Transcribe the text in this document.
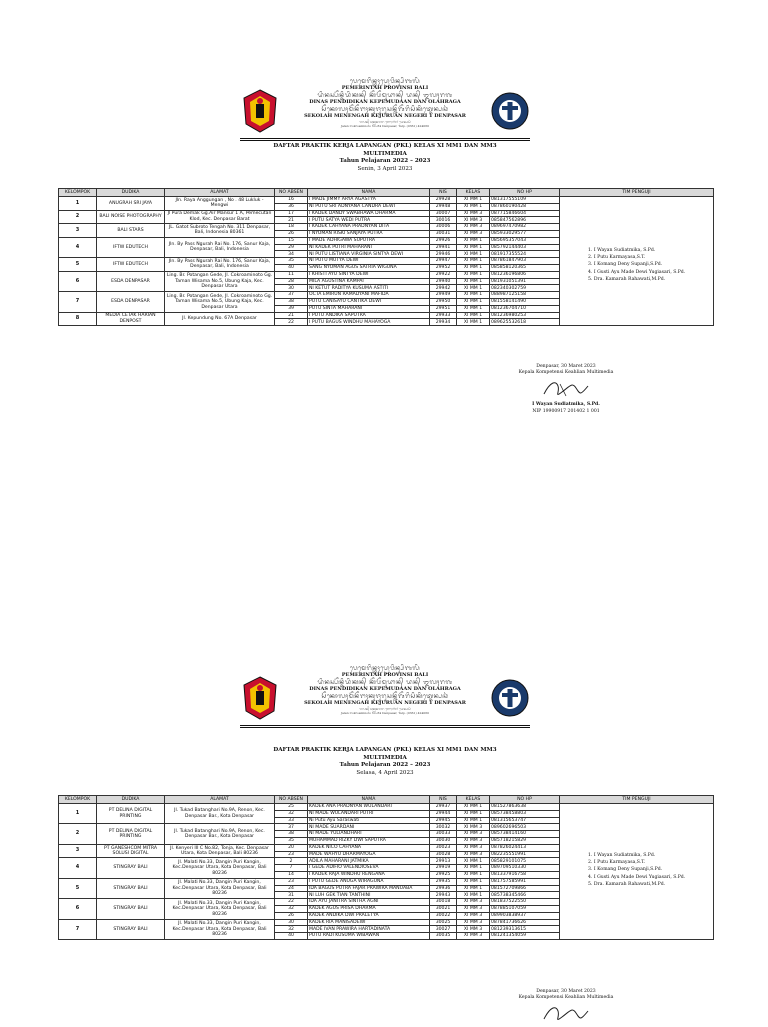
ᬧᬾᬫᬾᬭᬶᬦ᭄ᬢᬄᬧ᭄ᬭᭀᬯᬶᬦ᭄ᬲᬶᬩᬮᬶ
PEMERINTAH PROVINSI BALI
ᬤᬶᬦᬲ᭄ᬧᭂᬦ᭄ᬤᬶᬤᬶᬓᬦ᭄ ᬓᭂᬧᭂᬫᬸᬤᬵᬦ᭄ ᬤᬦ᭄ ᬑᬮᬄᬭᬕ
DINAS PENDIDIKAN KEPEMUDAAN DAN OLAHRAGA
ᬲᭂᬓᭀᬮᬄᬫᭂᬦᭂᬗᬄᬓᬸᬚᬸᬭᬸᬲᬦ᭄ᬦᭂᬕᭂᬭᬶᬲᬶᬓᬶᬢ᭄ᬤᬾᬦ᭄ᬧᬲᬃ
SEKOLAH MENENGAH KEJURUAN NEGERI 1 DENPASAR
ᬚᬮᬦ᭄ ᬘᬓ᭄ᬭᬦᬕᬭ ᬦᭀ᭞᭑᭗ ᬤᬾᬦ᭄ᬧᬲᬃ
Jalan Cokroaminoto No.84 Denpasar, Telp. (0361) 424060
DAFTAR PRAKTIK KERJA LAPANGAN (PKL) KELAS XI MM1 DAN MM3
MULTIMEDIA
Tahun Pelajaran 2022 – 2023
Senin, 3 April 2023
KELOMPOK	DUDIKA	ALAMAT	NO ABSEN	NAMA	NIS	KELAS	NO HP	TIM PENGUJI
1	ANUGRAH SRI JAYA	Jln. Raya Anggungan , No . 48 Lukluk - Mengwi	16	I MADE JIMMY ARYA AGASTYA	29928	XI MM 1	081317555109	
			36	NI PUTU SRI ADNYANA CANDRA DEWI	29948	XI MM 1	087860190428	
2	BALI NOISE PHOTOGRAPHY	Jl Pura Demak Gg.Air Mansur 1 A, Pemecutan Klod, Kec. Denpasar Barat	17	I KADEK DANDY SWABHAWA DHARMA	30007	XI MM 3	087715846604	
			21	I PUTU SATYA WEDI PUTRA	30016	XI MM 3	085847562896	
3	BALI STARS	JL. Gatot Subroto Tengah No. 311 Denpasar, Bali, Indonesia 80361	18	I KADEK CAHYANA PRADNYAN DITA	30006	XI MM 3	089697470982	
			26	I NYOMAN RISKI SANJAYA PUTRA	30031	XI MM 3	085933029577	
4	IFTW EDUTECH	Jln. By Pass Ngurah Rai No. 176, Sanur Kaja, Denpasar, Bali, Indonesia	15	I MADE ADHIGAWA SUPUTRA	29926	XI MM 1	085695357043	
			29	NI KADEK PUTRI MAHARANI	29941	XI MM 1	085792144403	
			34	NI PUTU LISTIANA VIRGINIA SINTYA DEWI	29946	XI MM 1	081917355524	
5	IFTW EDUTECH	Jln. By Pass Ngurah Rai No. 176, Sanur Kaja, Denpasar, Bali, Indonesia	35	NI PUTU MUTYA DEWI	29947	XI MM 1	087861847903	
			40	SANG NYOMAN AGUS SATRIA WIGUNA	29952	XI MM 1	085858120365	
6	ESDA DENPASAR	Ling. Br. Potangan Gede, Jl. Cokroaminoto Gg. Taman Wisama No.5, Ubung Kaja, Kec. Denpasar Utara	11	I KHISTI AYU SINTYA DEWI	29922	XI MM 1	081236196806	
			28	MILA AGUSTINA KAMPAI	29940	XI MM 1	081931051391	
			30	NI KETUT RADITYA KUSUMA ASTITI	29942	XI MM 1	082340302759	
7	ESDA DENPASAR	Ling. Br. Potangan Gede, Jl. Cokroaminoto Gg. Taman Wisama No.5, Ubung Kaja, Kec. Denpasar Utara	37	OCTA EMIRUN RAMADYANI MAFIDA	29949	XI MM 1	088987125158	
			38	PUTU CANISAYU CANTIKA DEWI	29950	XI MM 1	081558141490	
			39	PUTU SINTA MAHARANI	29951	XI MM 1	081236704710	
8	MEDIA CETAK HARIAN DENPOST	Jl. Kepundung No. 67A Denpasar	21	I PUTU ANDIKA SAPUTRA	29933	XI MM 1	081236980253	
			22	I PUTU BAGUS WINDHU MAHAYOGA	29934	XI MM 1	089625532618	
1. I Wayan Sudiatmika, S.Pd.
2. I Putu Karmayasa,S.T.
3. I Komang Deny Supanji,S.Pd.
4. I Gusti Ayu Made Dewi Yugiasari, S.Pd.
5. Dra. Kamarah Rahawati,M.Pd.
Denpasar, 30 Maret 2023
Kepala Kompetensi Keahlian Multimedia
I Wayan Sudiatmika, S.Pd.
NIP 19900917 201402 1 001
ᬧᬾᬫᬾᬭᬶᬦ᭄ᬢᬄᬧ᭄ᬭᭀᬯᬶᬦ᭄ᬲᬶᬩᬮᬶ
PEMERINTAH PROVINSI BALI
ᬤᬶᬦᬲ᭄ᬧᭂᬦ᭄ᬤᬶᬤᬶᬓᬦ᭄ ᬓᭂᬧᭂᬫᬸᬤᬵᬦ᭄ ᬤᬦ᭄ ᬑᬮᬄᬭᬕ
DINAS PENDIDIKAN KEPEMUDAAN DAN OLAHRAGA
ᬲᭂᬓᭀᬮᬄᬫᭂᬦᭂᬗᬄᬓᬸᬚᬸᬭᬸᬲᬦ᭄ᬦᭂᬕᭂᬭᬶᬲᬶᬓᬶᬢ᭄ᬤᬾᬦ᭄ᬧᬲᬃ
SEKOLAH MENENGAH KEJURUAN NEGERI 1 DENPASAR
ᬚᬮᬦ᭄ ᬘᬓ᭄ᬭᬦᬕᬭ ᬦᭀ᭞᭑᭗ ᬤᬾᬦ᭄ᬧᬲᬃ
Jalan Cokroaminoto No.84 Denpasar, Telp. (0361) 424060
DAFTAR PRAKTIK KERJA LAPANGAN (PKL) KELAS XI MM1 DAN MM3
MULTIMEDIA
Tahun Pelajaran 2022 – 2023
Selasa, 4 April 2023
KELOMPOK	DUDIKA	ALAMAT	NO ABSEN	NAMA	NIS	KELAS	NO HP	TIM PENGUJI
1	PT DELINA DIGITAL PRINTING	Jl. Tukad Batanghari No.9A, Renon, Kec. Denpasar Bar., Kota Denpasar	25	KADEK ANA PRADNYAN WULANDARI	29937	XI MM 1	081527863638	
			32	NI MADE WULANDARI PUTRI	29944	XI MM 1	085738458803	
			33	Ni Putu Ayu Saraswati	29945	XI MM 1	081315653747	
2	PT DELINA DIGITAL PRINTING	Jl. Tukad Batanghari No.9A, Renon, Kec. Denpasar Bar., Kota Denpasar	37	NI MADE SUARDANI	30032	XI MM 3	089602696503	
			38	NI MADE YULIANDHARI	30033	XI MM 3	085738414160	
			35	MUHAMMAD RIZKY DWI SAPUTRA	30030	XI MM 3	085718215829	
3	PT GANESHCOM MITRA SOLUSI DIGITAL	Jl. Kenyeri III C No.82, Tonja, Kec. Denpasar Utara, Kota Denpasar, Bali 80236	20	KADEK NICO CAHYANA	30023	XI MM 3	087826024413	
			23	MADE WAHYU DHARMAYOGA	30028	XI MM 3	082235551991	
4	STINGRAY BALI	Jl. Malati No.33, Dangin Puri Kangin, Kec.Denpasar Utara, Kota Denpasar, Bali 80236	2	ADILA MAHARANI JATMIKA	29913	XI MM 1	085829101075	
			7	I GEDE ADIFIO VALENDIOSEVA	29919	XI MM 1	089709510330	
			14	I KADEK RAJA WINDHU RENGANA	29925	XI MM 1	081337916758	
5	STINGRAY BALI	Jl. Malati No.33, Dangin Puri Kangin, Kec.Denpasar Utara, Kota Denpasar, Bali 80236	23	I PUTU GEDE ANUGA WIRAGUNA	29935	XI MM 1	081757585991	
			24	IDA BAGUS PUTRA FAJAR PRAWIRA MANUABA	29936	XI MM 1	081572709866	
			31	NI LUH GEK TIAN TANTHINI	29943	XI MM 1	085738345466	
6	STINGRAY BALI	Jl. Malati No.33, Dangin Puri Kangin, Kec.Denpasar Utara, Kota Denpasar, Bali 80236	22	IDA AYU JANITRA SINTHA AGNI	30018	XI MM 3	081837522550	
			32	KADEK AGUS PRISA DHARMA	30021	XI MM 3	087885107059	
			26	KADEK ANDIKA DWI PRALETYA	30022	XI MM 3	089903838937	
7	STINGRAY BALI	Jl. Malati No.33, Dangin Puri Kangin, Kec.Denpasar Utara, Kota Denpasar, Bali 80236	30	KADEK RIA MANISADEWI	30025	XI MM 3	087841736626	
			32	MADE IVAN PRAWIRA HARTADINATA	30027	XI MM 3	081239313615	
			40	PUTU RADI KUSUMA WIBAWAN	30035	XI MM 3	081241354059	
1. I Wayan Sudiatmika, S.Pd.
2. I Putu Karmayasa,S.T.
3. I Komang Deny Supanji,S.Pd.
4. I Gusti Ayu Made Dewi Yugiasari, S.Pd.
5. Dra. Kamarah Rahawati,M.Pd.
Denpasar, 30 Maret 2023
Kepala Kompetensi Keahlian Multimedia
